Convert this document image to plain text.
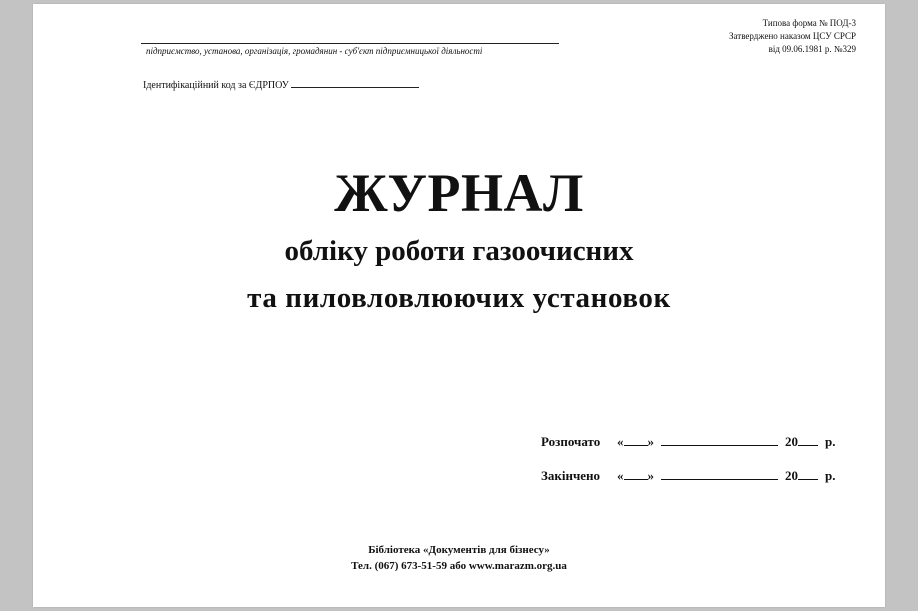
підприємство, установа, організація, громадянин - суб'єкт підприємницької діяльності
Ідентифікаційний код за ЄДРПОУ
Типова форма № ПОД-3
Затверджено наказом ЦСУ СРСР
від 09.06.1981 р. №329
ЖУРНАЛ
обліку роботи газоочисних
та пиловловлюючих установок
Розпочато « »	20 р.
Закінчено « »	20 р.
Бібліотека «Документів для бізнесу»
Тел. (067) 673-51-59 або www.marazm.org.ua
